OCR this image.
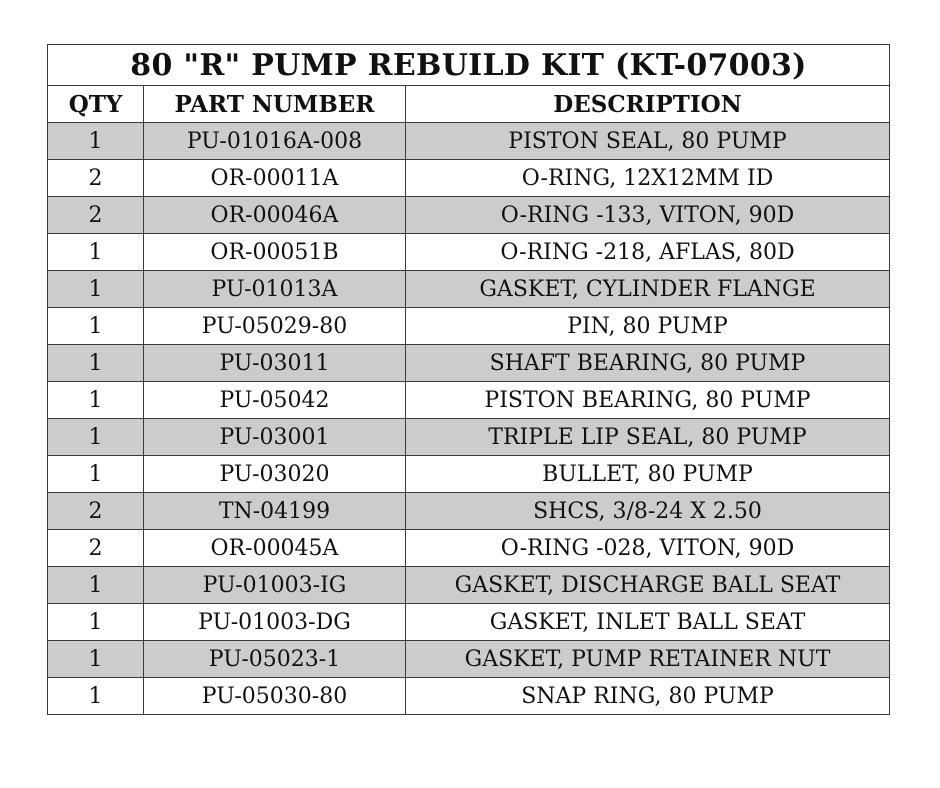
80 "R" PUMP REBUILD KIT (KT-07003)		
QTY	PART NUMBER	DESCRIPTION
1	PU-01016A-008	PISTON SEAL, 80 PUMP
2	OR-00011A	O-RING, 12X12MM ID
2	OR-00046A	O-RING -133, VITON, 90D
1	OR-00051B	O-RING -218, AFLAS, 80D
1	PU-01013A	GASKET, CYLINDER FLANGE
1	PU-05029-80	PIN, 80 PUMP
1	PU-03011	SHAFT BEARING, 80 PUMP
1	PU-05042	PISTON BEARING, 80 PUMP
1	PU-03001	TRIPLE LIP SEAL, 80 PUMP
1	PU-03020	BULLET, 80 PUMP
2	TN-04199	SHCS, 3/8-24 X 2.50
2	OR-00045A	O-RING -028, VITON, 90D
1	PU-01003-IG	GASKET, DISCHARGE BALL SEAT
1	PU-01003-DG	GASKET, INLET BALL SEAT
1	PU-05023-1	GASKET, PUMP RETAINER NUT
1	PU-05030-80	SNAP RING, 80 PUMP
